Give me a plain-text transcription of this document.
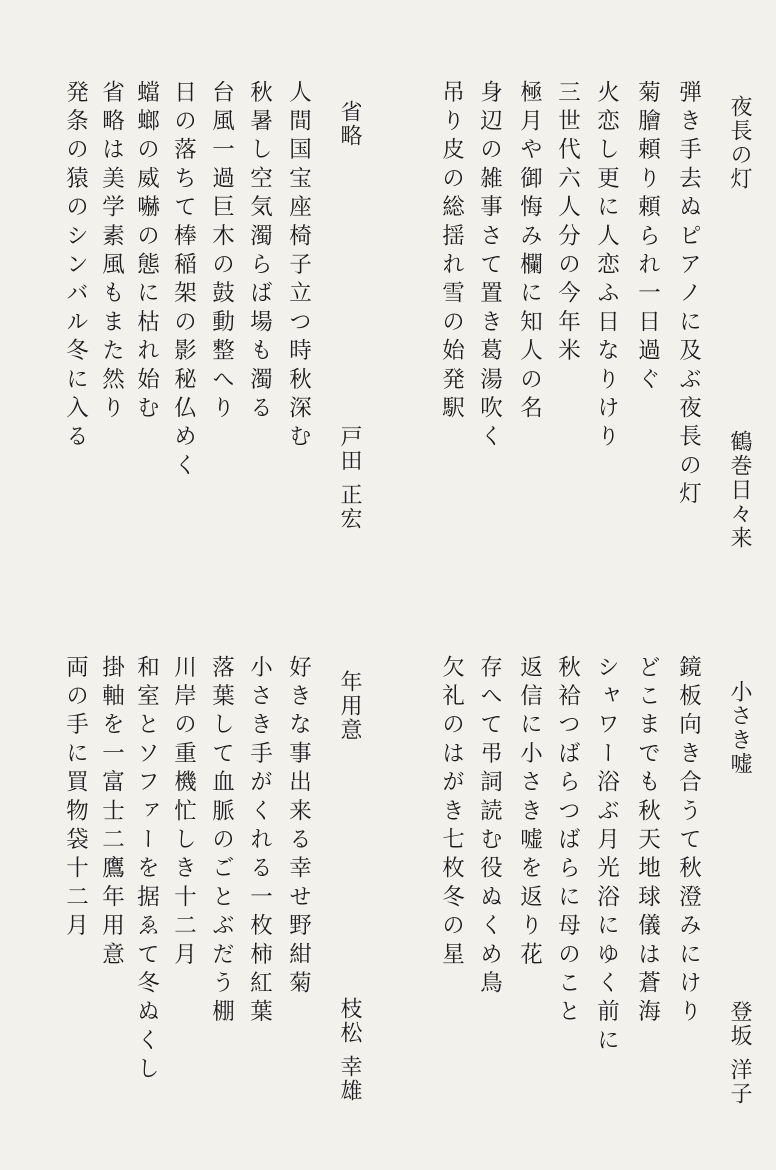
夜長の灯
鶴巻日々来
弾き手去ぬピアノに及ぶ夜長の灯
菊膾頼り頼られ一日過ぐ
火恋し更に人恋ふ日なりけり
三世代六人分の今年米
極月や御悔み欄に知人の名
身辺の雑事さて置き葛湯吹く
吊り皮の総揺れ雪の始発駅
省略
戸田正宏
人間国宝座椅子立つ時秋深む
秋暑し空気濁らば場も濁る
台風一過巨木の鼓動整へり
日の落ちて棒稲架の影秘仏めく
蟷螂の威嚇の態に枯れ始む
省略は美学素風もまた然り
発条の猿のシンバル冬に入る
小さき嘘
登坂洋子
鏡板向き合うて秋澄みにけり
どこまでも秋天地球儀は蒼海
シャワー浴ぶ月光浴にゆく前に
秋袷つばらつばらに母のこと
返信に小さき嘘を返り花
存へて弔詞読む役ぬくめ鳥
欠礼のはがき七枚冬の星
年用意
枝松幸雄
好きな事出来る幸せ野紺菊
小さき手がくれる一枚柿紅葉
落葉して血脈のごとぶだう棚
川岸の重機忙しき十二月
和室とソファーを据ゑて冬ぬくし
掛軸を一富士二鷹年用意
両の手に買物袋十二月
